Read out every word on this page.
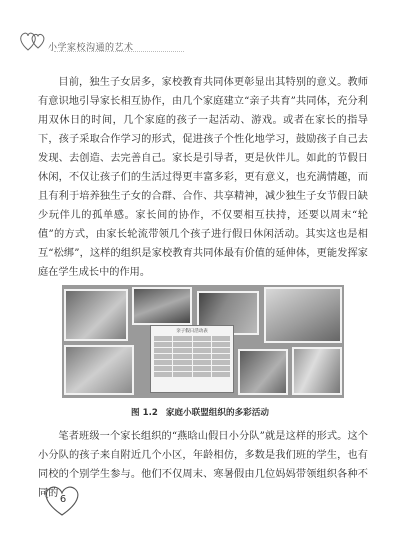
小学家校沟通的艺术

目前，独生子女居多，家校教育共同体更彰显出其特别的意义。教师有意识地引导家长相互协作，由几个家庭建立“亲子共育”共同体，充分利用双休日的时间，几个家庭的孩子一起活动、游戏。或者在家长的指导下，孩子采取合作学习的形式，促进孩子个性化地学习，鼓励孩子自己去发现、去创造、去完善自己。家长是引导者，更是伙伴儿。如此的节假日休闲，不仅让孩子们的生活过得更丰富多彩，更有意义，也充满情趣，而且有利于培养独生子女的合群、合作、共享精神，减少独生子女节假日缺少玩伴儿的孤单感。家长间的协作，不仅要相互扶持，还要以周末“轮值”的方式，由家长轮流带领几个孩子进行假日休闲活动。其实这也是相互“松绑”，这样的组织是家校教育共同体最有价值的延伸体，更能发挥家庭在学生成长中的作用。

亲子假日活动表
图 1.2 家庭小联盟组织的多彩活动

笔者班级一个家长组织的“燕晗山假日小分队”就是这样的形式。这个小分队的孩子来自附近几个小区，年龄相仿，多数是我们班的学生，也有同校的个别学生参与。他们不仅周末、寒暑假由几位妈妈带领组织各种不同的

6
